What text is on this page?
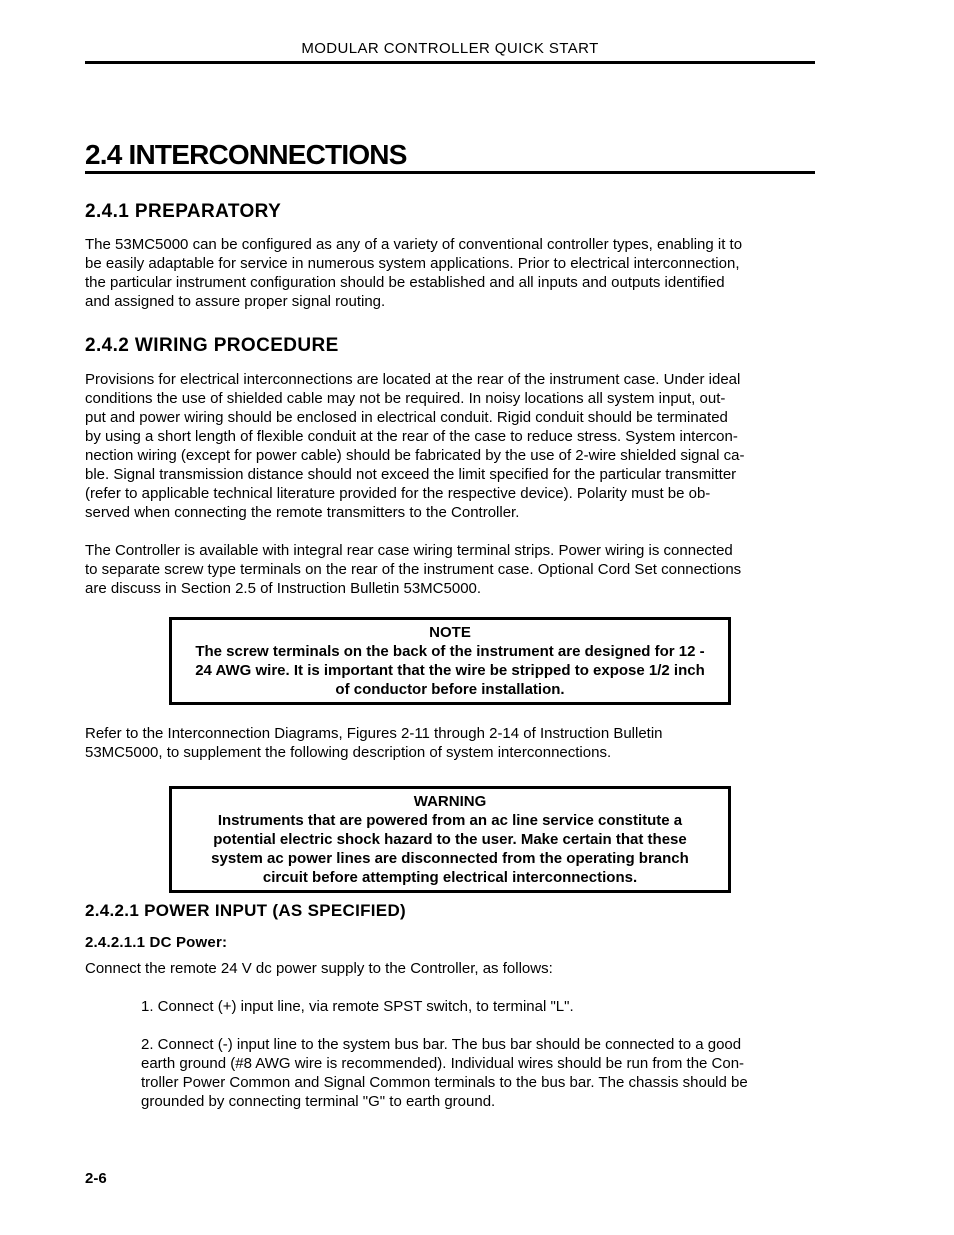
MODULAR CONTROLLER QUICK START
2.4 INTERCONNECTIONS
2.4.1 PREPARATORY

The 53MC5000 can be configured as any of a variety of conventional controller types, enabling it to
be easily adaptable for service in numerous system applications. Prior to electrical interconnection,
the particular instrument configuration should be established and all inputs and outputs identified
and assigned to assure proper signal routing.

2.4.2 WIRING PROCEDURE

Provisions for electrical interconnections are located at the rear of the instrument case. Under ideal
conditions the use of shielded cable may not be required. In noisy locations all system input, out-
put and power wiring should be enclosed in electrical conduit. Rigid conduit should be terminated
by using a short length of flexible conduit at the rear of the case to reduce stress. System intercon-
nection wiring (except for power cable) should be fabricated by the use of 2-wire shielded signal ca-
ble. Signal transmission distance should not exceed the limit specified for the particular transmitter
(refer to applicable technical literature provided for the respective device). Polarity must be ob-
served when connecting the remote transmitters to the Controller.

The Controller is available with integral rear case wiring terminal strips. Power wiring is connected
to separate screw type terminals on the rear of the instrument case. Optional Cord Set connections
are discuss in Section 2.5 of Instruction Bulletin 53MC5000.

NOTE
The screw terminals on the back of the instrument are designed for 12 -
24 AWG wire. It is important that the wire be stripped to expose 1/2 inch
of conductor before installation.

Refer to the Interconnection Diagrams, Figures 2-11 through 2-14 of Instruction Bulletin
53MC5000, to supplement the following description of system interconnections.

WARNING
Instruments that are powered from an ac line service constitute a
potential electric shock hazard to the user. Make certain that these
system ac power lines are disconnected from the operating branch
circuit before attempting electrical interconnections.
2.4.2.1 POWER INPUT (AS SPECIFIED)
2.4.2.1.1 DC Power:

Connect the remote 24 V dc power supply to the Controller, as follows:

1. Connect (+) input line, via remote SPST switch, to terminal "L".

2. Connect (-) input line to the system bus bar. The bus bar should be connected to a good
earth ground (#8 AWG wire is recommended). Individual wires should be run from the Con-
troller Power Common and Signal Common terminals to the bus bar. The chassis should be
grounded by connecting terminal "G" to earth ground.

2-6
